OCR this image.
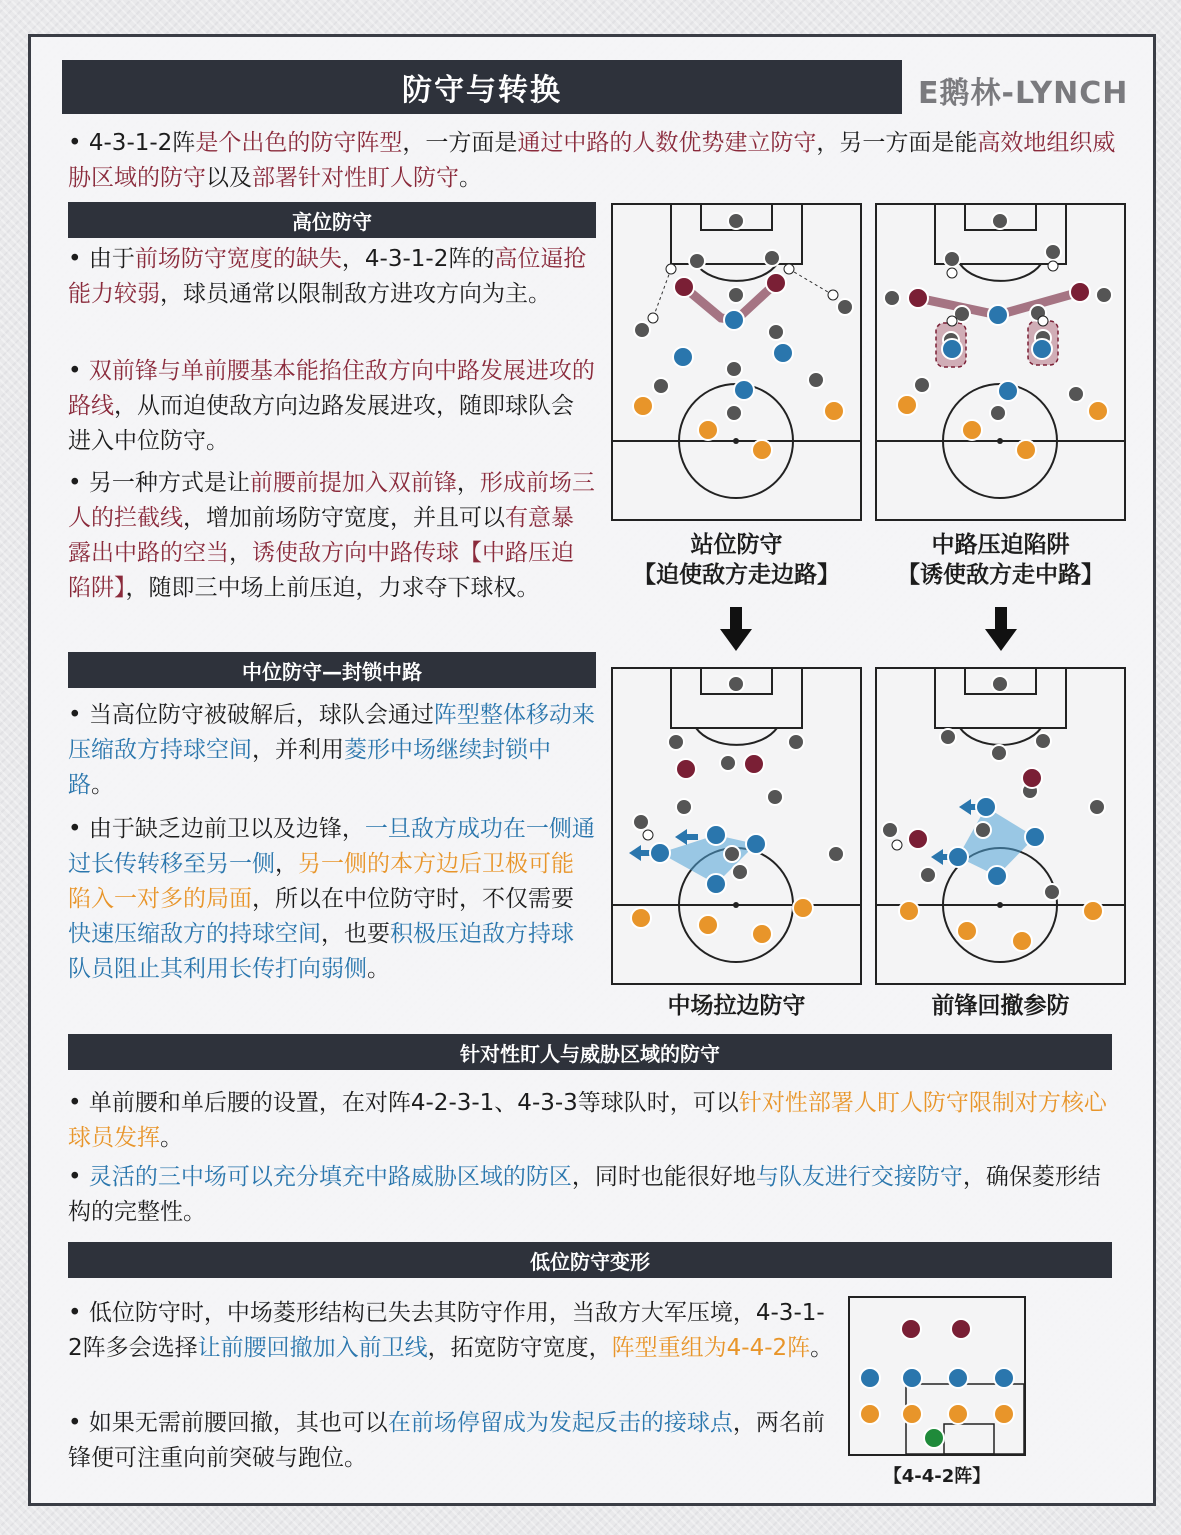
防守与转换	E鹅林-LYNCH
• 4-3-1-2阵是个出色的防守阵型，一方面是通过中路的人数优势建立防守，另一方面是能高效地组织威胁区域的防守以及部署针对性盯人防守。
高位防守
• 由于前场防守宽度的缺失，4-3-1-2阵的高位逼抢能力较弱，球员通常以限制敌方进攻方向为主。
• 双前锋与单前腰基本能掐住敌方向中路发展进攻的路线，从而迫使敌方向边路发展进攻，随即球队会进入中位防守。
• 另一种方式是让前腰前提加入双前锋，形成前场三人的拦截线，增加前场防守宽度，并且可以有意暴露出中路的空当，诱使敌方向中路传球【中路压迫陷阱】，随即三中场上前压迫，力求夺下球权。
中位防守—封锁中路
• 当高位防守被破解后，球队会通过阵型整体移动来压缩敌方持球空间，并利用菱形中场继续封锁中路。
• 由于缺乏边前卫以及边锋，一旦敌方成功在一侧通过长传转移至另一侧，另一侧的本方边后卫极可能陷入一对多的局面，所以在中位防守时，不仅需要快速压缩敌方的持球空间，也要积极压迫敌方持球队员阻止其利用长传打向弱侧。
站位防守
【迫使敌方走边路】
中路压迫陷阱
【诱使敌方走中路】
中场拉边防守	前锋回撤参防
针对性盯人与威胁区域的防守
• 单前腰和单后腰的设置，在对阵4-2-3-1、4-3-3等球队时，可以针对性部署人盯人防守限制对方核心球员发挥。
• 灵活的三中场可以充分填充中路威胁区域的防区，同时也能很好地与队友进行交接防守，确保菱形结构的完整性。
低位防守变形
• 低位防守时，中场菱形结构已失去其防守作用，当敌方大军压境，4-3-1-2阵多会选择让前腰回撤加入前卫线，拓宽防守宽度，阵型重组为4-4-2阵。
• 如果无需前腰回撤，其也可以在前场停留成为发起反击的接球点，两名前锋便可注重向前突破与跑位。
【4-4-2阵】
